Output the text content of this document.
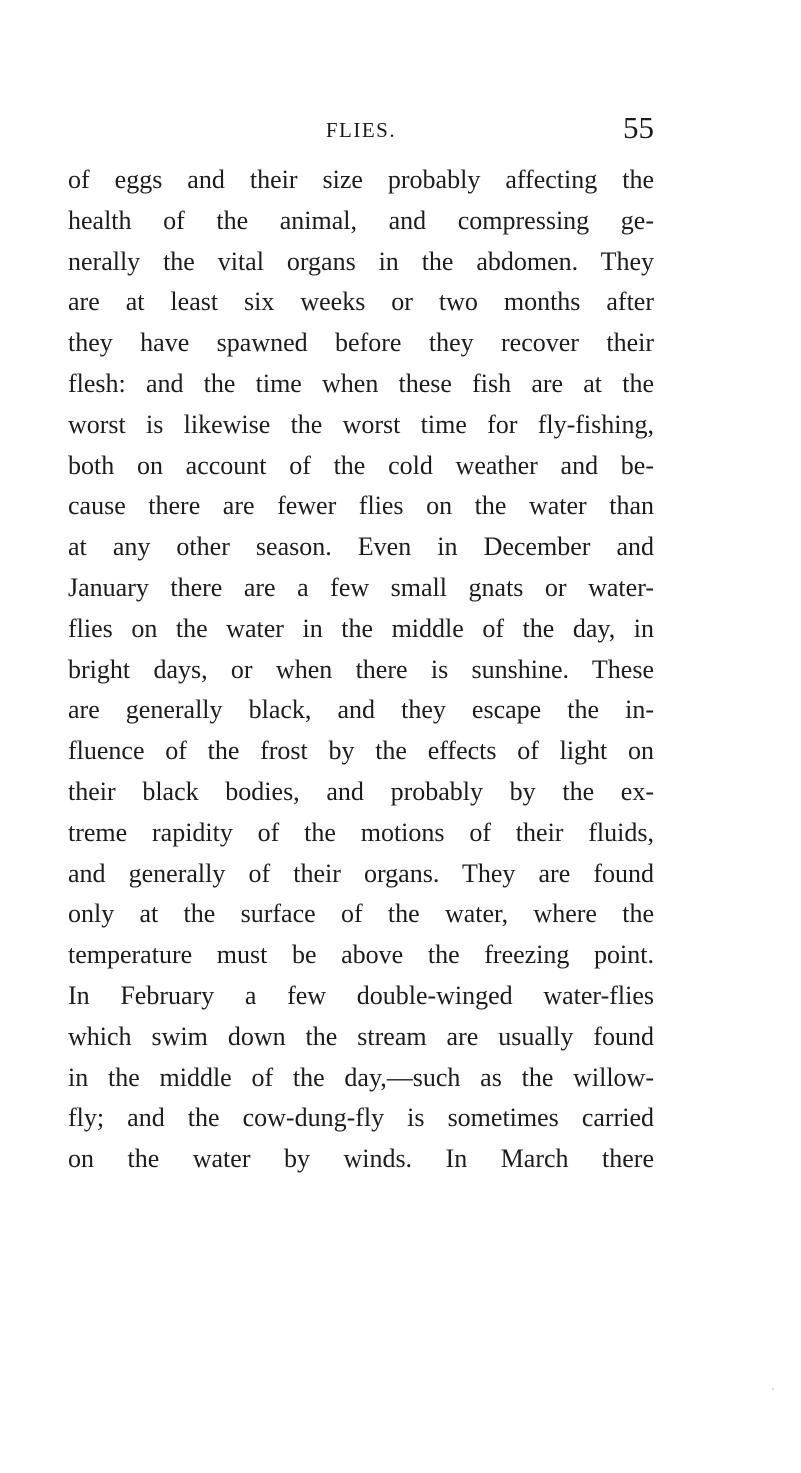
FLIES.	55
of eggs and their size probably affecting the
health of the animal, and compressing ge-
nerally the vital organs in the abdomen. They
are at least six weeks or two months after
they have spawned before they recover their
flesh: and the time when these fish are at the
worst is likewise the worst time for fly-fishing,
both on account of the cold weather and be-
cause there are fewer flies on the water than
at any other season. Even in December and
January there are a few small gnats or water-
flies on the water in the middle of the day, in
bright days, or when there is sunshine. These
are generally black, and they escape the in-
fluence of the frost by the effects of light on
their black bodies, and probably by the ex-
treme rapidity of the motions of their fluids,
and generally of their organs. They are found
only at the surface of the water, where the
temperature must be above the freezing point.
In February a few double-winged water-flies
which swim down the stream are usually found
in the middle of the day,—such as the willow-
fly; and the cow-dung-fly is sometimes carried
on the water by winds. In March there
